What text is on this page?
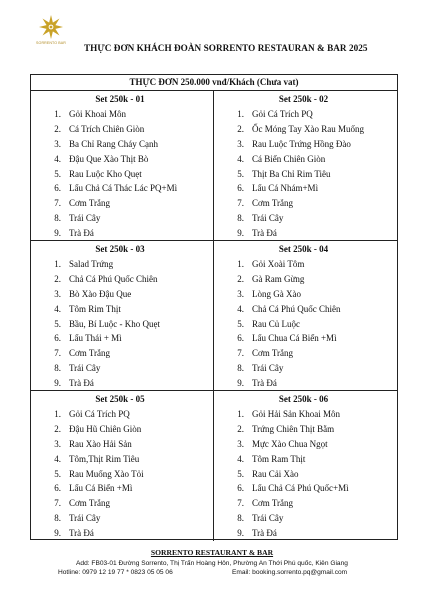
SORRENTO BAR	THỰC ĐƠN KHÁCH ĐOÀN SORRENTO RESTAURAN & BAR 2025
THỰC ĐƠN 250.000 vnđ/Khách (Chưa vat)
Set 250k - 01
1. Gỏi Khoai Môn
2. Cá Trích Chiên Giòn
3. Ba Chỉ Rang Cháy Cạnh
4. Đậu Que Xào Thịt Bò
5. Rau Luộc Kho Quẹt
6. Lẩu Chả Cá Thác Lác PQ+Mì
7. Cơm Trắng
8. Trái Cây
9. Trà Đá
Set 250k - 02
1. Gỏi Cá Trích PQ
2. Ốc Móng Tay Xào Rau Muống
3. Rau Luộc Trứng Hồng Đào
4. Cá Biển Chiên Giòn
5. Thịt Ba Chỉ Rim Tiêu
6. Lẩu Cá Nhám+Mì
7. Cơm Trắng
8. Trái Cây
9. Trà Đá
Set 250k - 03
1. Salad Trứng
2. Chả Cá Phú Quốc Chiên
3. Bò Xào Đậu Que
4. Tôm Rim Thịt
5. Bầu, Bí Luộc - Kho Quẹt
6. Lẩu Thái + Mì
7. Cơm Trắng
8. Trái Cây
9. Trà Đá
Set 250k - 04
1. Gỏi Xoài Tôm
2. Gà Ram Gừng
3. Lòng Gà Xào
4. Chả Cá Phú Quốc Chiên
5. Rau Củ Luộc
6. Lẩu Chua Cá Biển +Mì
7. Cơm Trắng
8. Trái Cây
9. Trà Đá
Set 250k - 05
1. Gỏi Cá Trích PQ
2. Đậu Hũ Chiên Giòn
3. Rau Xào Hải Sản
4. Tôm,Thịt Rim Tiêu
5. Rau Muống Xào Tỏi
6. Lẩu Cá Biển +Mì
7. Cơm Trắng
8. Trái Cây
9. Trà Đá
Set 250k - 06
1. Gỏi Hải Sản Khoai Môn
2. Trứng Chiên Thịt Bằm
3. Mực Xào Chua Ngọt
4. Tôm Ram Thịt
5. Rau Cải Xào
6. Lẩu Chả Cá Phú Quốc+Mì
7. Cơm Trắng
8. Trái Cây
9. Trà Đá
SORRENTO RESTAURANT & BAR
Add: FB03-01 Đường Sorrento, Thị Trấn Hoàng Hôn, Phường An Thới Phú quốc, Kiên Giang
Hotline: 0979 12 19 77 * 0823 05 05 06	Email: booking.sorrento.pq@gmail.com
